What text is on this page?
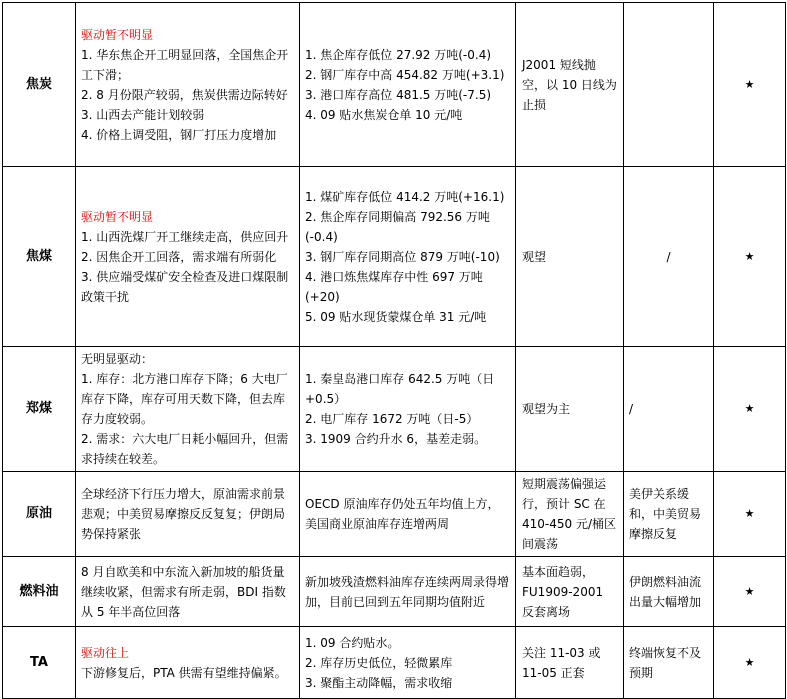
焦炭	驱动暂不明显
1. 华东焦企开工明显回落，全国焦企开工下滑；
2. 8 月份限产较弱，焦炭供需边际转好
3. 山西去产能计划较弱
4. 价格上调受阻，钢厂打压力度增加	1. 焦企库存低位 27.92 万吨(-0.4)
2. 钢厂库存中高 454.82 万吨(+3.1)
3. 港口库存高位 481.5 万吨(-7.5)
4. 09 贴水焦炭仓单 10 元/吨	J2001 短线抛空，以 10 日线为止损		★
焦煤	驱动暂不明显
1. 山西洗煤厂开工继续走高，供应回升
2. 因焦企开工回落，需求端有所弱化
3. 供应端受煤矿安全检查及进口煤限制政策干扰	1. 煤矿库存低位 414.2 万吨(+16.1)
2. 焦企库存同期偏高 792.56 万吨(-0.4)
3. 钢厂库存同期高位 879 万吨(-10)
4. 港口炼焦煤库存中性 697 万吨(+20)
5. 09 贴水现货蒙煤仓单 31 元/吨	观望	/	★
郑煤	无明显驱动：
1. 库存：北方港口库存下降；6 大电厂库存下降，库存可用天数下降，但去库存力度较弱。
2. 需求：六大电厂日耗小幅回升，但需求持续在较差。	1. 秦皇岛港口库存 642.5 万吨（日+0.5）
2. 电厂库存 1672 万吨（日-5）
3. 1909 合约升水 6，基差走弱。	观望为主	/	★
原油	全球经济下行压力增大，原油需求前景悲观；中美贸易摩擦反反复复；伊朗局势保持紧张	OECD 原油库存仍处五年均值上方，美国商业原油库存连增两周	短期震荡偏强运行，预计 SC 在 410-450 元/桶区间震荡	美伊关系缓和，中美贸易摩擦反复	★
燃料油	8 月自欧美和中东流入新加坡的船货量继续收紧，但需求有所走弱，BDI 指数从 5 年半高位回落	新加坡残渣燃料油库存连续两周录得增加，目前已回到五年同期均值附近	基本面趋弱，FU1909-2001 反套离场	伊朗燃料油流出量大幅增加	★
TA	驱动往上
下游修复后，PTA 供需有望维持偏紧。	1. 09 合约贴水。
2. 库存历史低位，轻微累库
3. 聚酯主动降幅，需求收缩	关注 11-03 或 11-05 正套	终端恢复不及预期	★
